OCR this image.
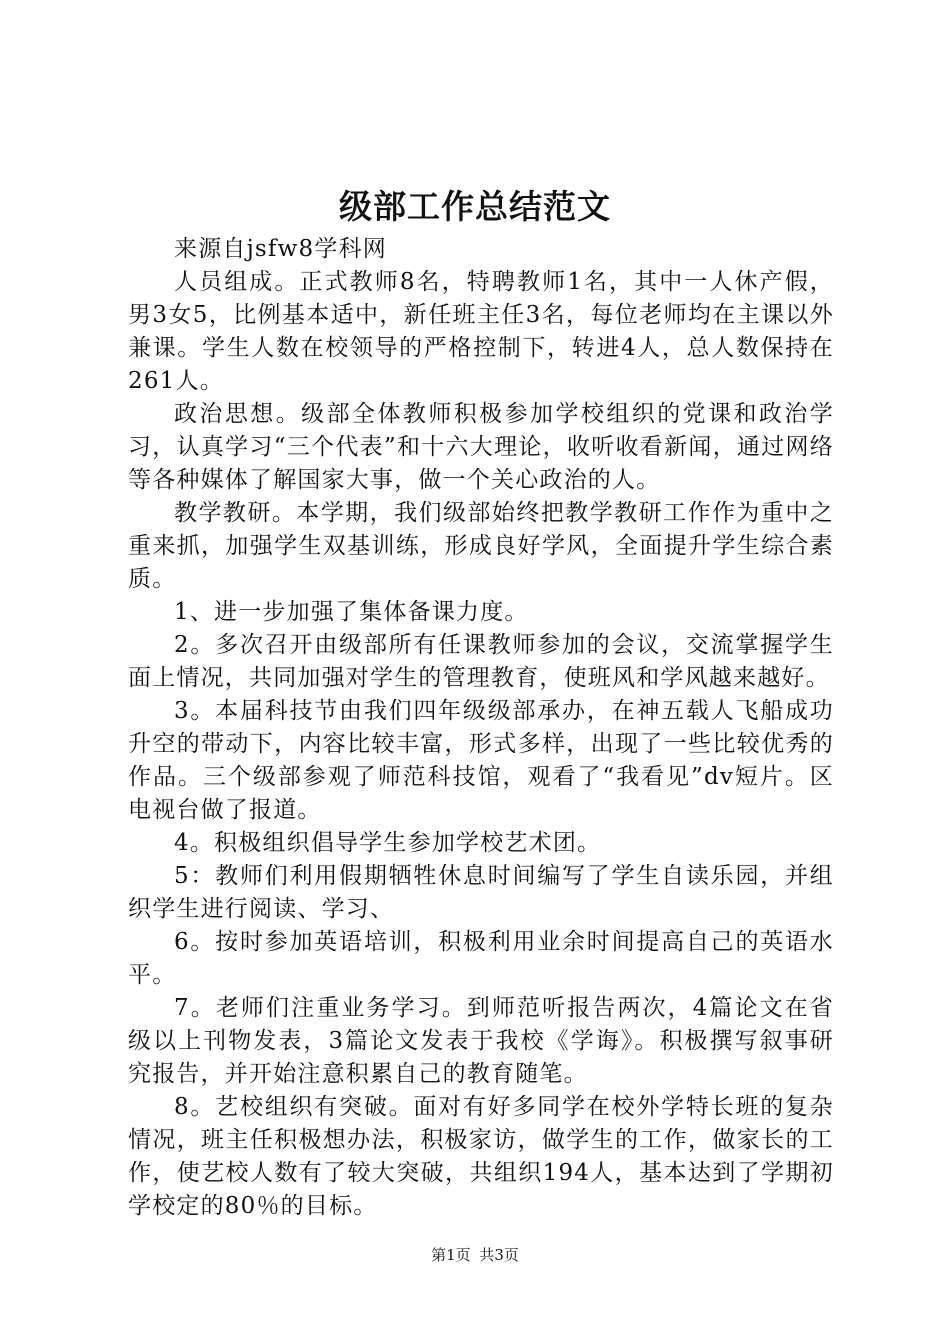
级部工作总结范文

来源自jsfw8学科网

人员组成。正式教师8名，特聘教师1名，其中一人休产假，男3女5，比例基本适中，新任班主任3名，每位老师均在主课以外兼课。学生人数在校领导的严格控制下，转进4人，总人数保持在261人。

政治思想。级部全体教师积极参加学校组织的党课和政治学习，认真学习“三个代表”和十六大理论，收听收看新闻，通过网络等各种媒体了解国家大事，做一个关心政治的人。

教学教研。本学期，我们级部始终把教学教研工作作为重中之重来抓，加强学生双基训练，形成良好学风，全面提升学生综合素质。

1、进一步加强了集体备课力度。

2。多次召开由级部所有任课教师参加的会议，交流掌握学生面上情况，共同加强对学生的管理教育，使班风和学风越来越好。

3。本届科技节由我们四年级级部承办，在神五载人飞船成功升空的带动下，内容比较丰富，形式多样，出现了一些比较优秀的作品。三个级部参观了师范科技馆，观看了“我看见”dv短片。区电视台做了报道。

4。积极组织倡导学生参加学校艺术团。

5：教师们利用假期牺牲休息时间编写了学生自读乐园，并组织学生进行阅读、学习、

6。按时参加英语培训，积极利用业余时间提高自己的英语水平。

7。老师们注重业务学习。到师范听报告两次，4篇论文在省级以上刊物发表，3篇论文发表于我校《学诲》。积极撰写叙事研究报告，并开始注意积累自己的教育随笔。

8。艺校组织有突破。面对有好多同学在校外学特长班的复杂情况，班主任积极想办法，积极家访，做学生的工作，做家长的工作，使艺校人数有了较大突破，共组织194人，基本达到了学期初学校定的80％的目标。

第1页 共3页
